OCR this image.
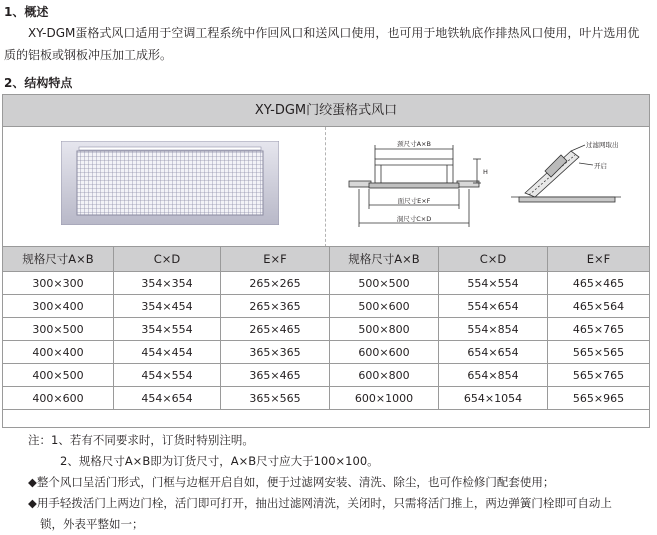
1、概述
XY-DGM蛋格式风口适用于空调工程系统中作回风口和送风口使用，也可用于地铁轨底作排热风口使用，叶片选用优
质的铝板或钢板冲压加工成形。
2、结构特点
XY-DGM门绞蛋格式风口
颈尺寸A×B
面尺寸E×F
洞尺寸C×D
H
过滤网取出
开启
规格尺寸A×B	C×D	E×F	规格尺寸A×B	C×D	E×F
300×300	354×354	265×265	500×500	554×554	465×465
300×400	354×454	265×365	500×600	554×654	465×564
300×500	354×554	265×465	500×800	554×854	465×765
400×400	454×454	365×365	600×600	654×654	565×565
400×500	454×554	365×465	600×800	654×854	565×765
400×600	454×654	365×565	600×1000	654×1054	565×965
注：1、若有不同要求时，订货时特别注明。
2、规格尺寸A×B即为订货尺寸，A×B尺寸应大于100×100。
◆整个风口呈活门形式，门框与边框开启自如，便于过滤网安装、清洗、除尘，也可作检修门配套使用；
◆用手轻拨活门上两边门栓，活门即可打开，抽出过滤网清洗，关闭时，只需将活门推上，两边弹簧门栓即可自动上
锁，外表平整如一；
